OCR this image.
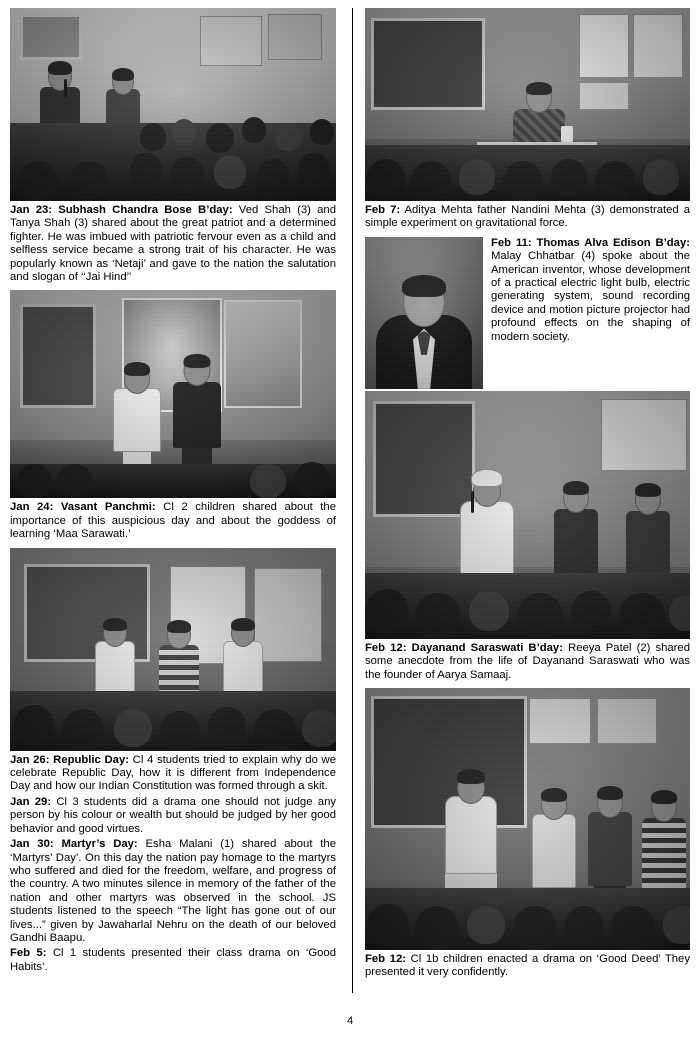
Jan 23: Subhash Chandra Bose B’day: Ved Shah (3) and Tanya Shah (3) shared about the great patriot and a determined fighter. He was imbued with patriotic fervour even as a child and selfless service became a strong trait of his character. He was popularly known as ‘Netaji’ and gave to the nation the salutation and slogan of ‘‘Jai Hind’’

Jan 24: Vasant Panchmi: Cl 2 children shared about the importance of this auspicious day and about the goddess of learning ‘Maa Sarawati.’

Jan 26: Republic Day: Cl 4 students tried to explain why do we celebrate Republic Day, how it is different from Independence Day and how our Indian Constitution was formed through a skit.

Jan 29: Cl 3 students did a drama one should not judge any person by his colour or wealth but should be judged by her good behavior and good virtues.

Jan 30: Martyr’s Day: Esha Malani (1) shared about the ‘Martyrs’ Day’. On this day the nation pay homage to the martyrs who suffered and died for the freedom, welfare, and progress of the country. A two minutes silence in memory of the father of the nation and other martyrs was observed in the school. JS students listened to the speech “The light has gone out of our lives...” given by Jawaharlal Nehru on the death of our beloved Gandhi Baapu.

Feb 5: Cl 1 students presented their class drama on ‘Good Habits’.

Feb 7: Aditya Mehta father Nandini Mehta (3) demonstrated a simple experiment on gravitational force.

Feb 11: Thomas Alva Edison B’day: Malay Chhatbar (4) spoke about the American inventor, whose development of a practical electric light bulb, electric generating system, sound recording device and motion picture projector had profound effects on the shaping of modern society.

Feb 12: Dayanand Saraswati B’day: Reeya Patel (2) shared some anecdote from the life of Dayanand Saraswati who was the founder of Aarya Samaaj.

Feb 12: Cl 1b children enacted a drama on ‘Good Deed’ They presented it very confidently.

4
